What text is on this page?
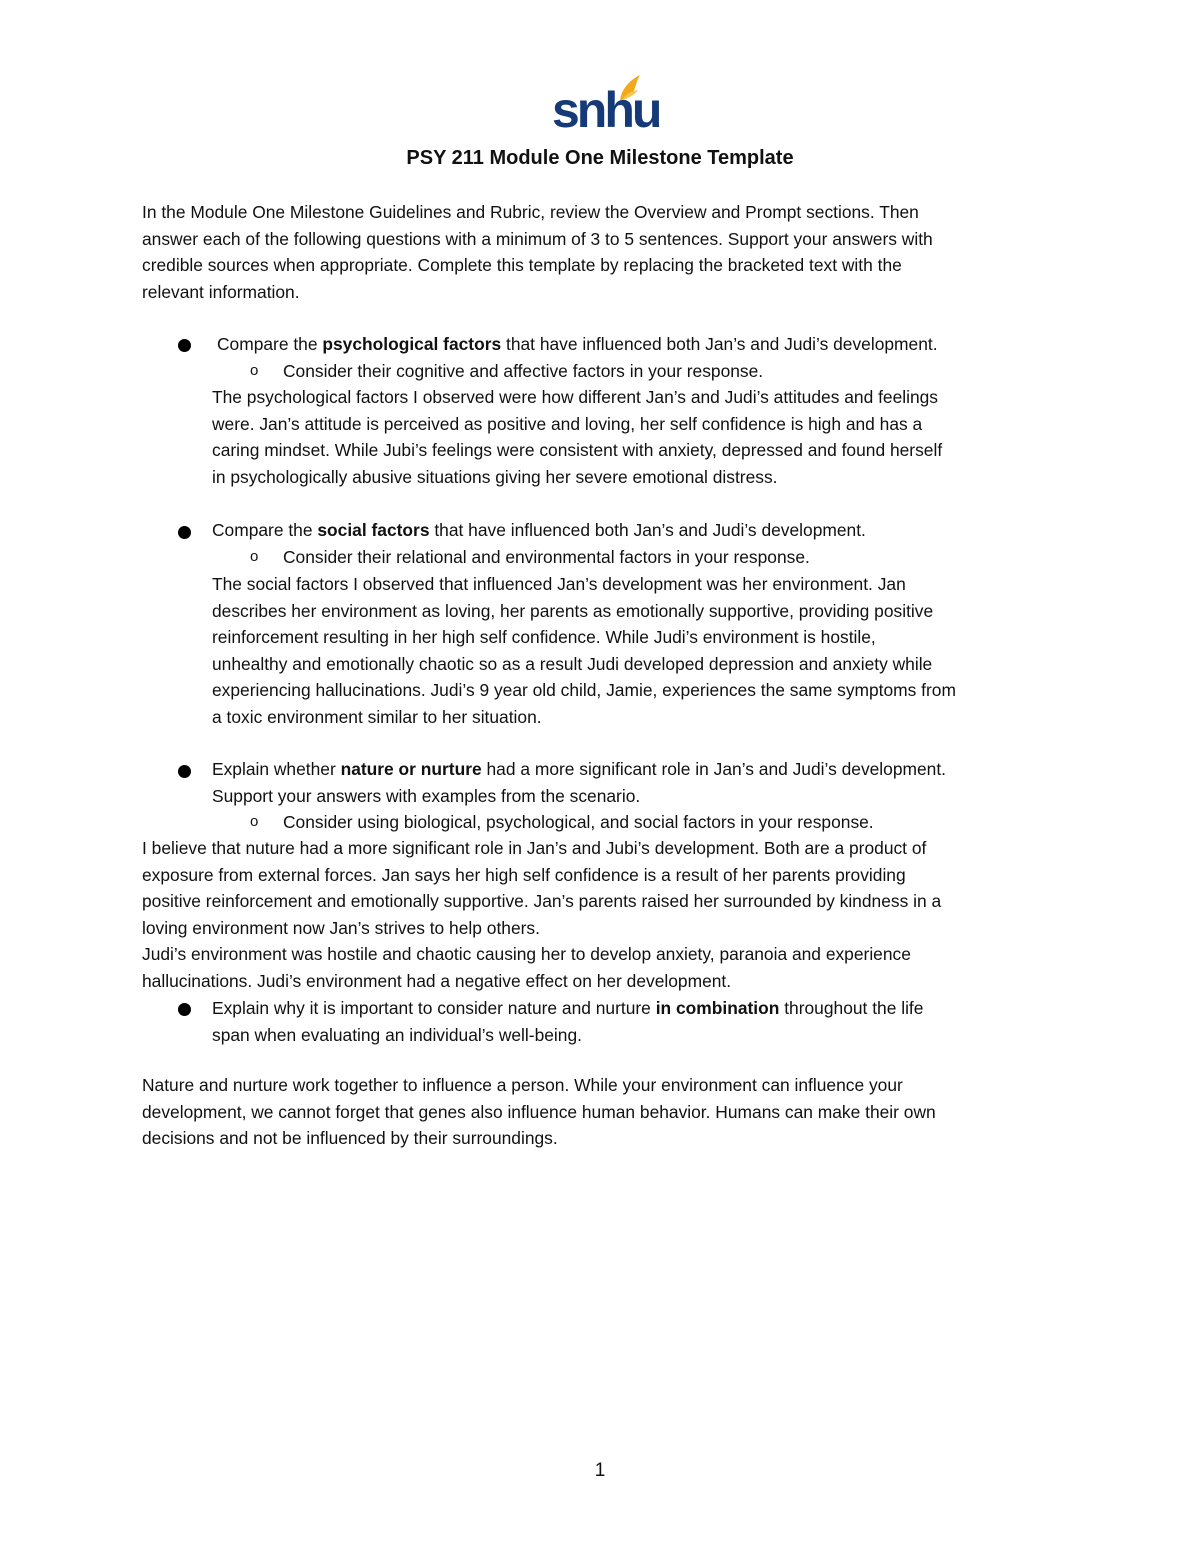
snhu
PSY 211 Module One Milestone Template
In the Module One Milestone Guidelines and Rubric, review the Overview and Prompt sections. Then
answer each of the following questions with a minimum of 3 to 5 sentences. Support your answers with
credible sources when appropriate. Complete this template by replacing the bracketed text with the
relevant information.
Compare the psychological factors that have influenced both Jan’s and Judi’s development.
o Consider their cognitive and affective factors in your response.
The psychological factors I observed were how different Jan’s and Judi’s attitudes and feelings
were. Jan’s attitude is perceived as positive and loving, her self confidence is high and has a
caring mindset. While Jubi’s feelings were consistent with anxiety, depressed and found herself
in psychologically abusive situations giving her severe emotional distress.
Compare the social factors that have influenced both Jan’s and Judi’s development.
o Consider their relational and environmental factors in your response.
The social factors I observed that influenced Jan’s development was her environment. Jan
describes her environment as loving, her parents as emotionally supportive, providing positive
reinforcement resulting in her high self confidence. While Judi’s environment is hostile,
unhealthy and emotionally chaotic so as a result Judi developed depression and anxiety while
experiencing hallucinations. Judi’s 9 year old child, Jamie, experiences the same symptoms from
a toxic environment similar to her situation.
Explain whether nature or nurture had a more significant role in Jan’s and Judi’s development.
Support your answers with examples from the scenario.
o Consider using biological, psychological, and social factors in your response.
I believe that nuture had a more significant role in Jan’s and Jubi’s development. Both are a product of
exposure from external forces. Jan says her high self confidence is a result of her parents providing
positive reinforcement and emotionally supportive. Jan’s parents raised her surrounded by kindness in a
loving environment now Jan’s strives to help others.
Judi’s environment was hostile and chaotic causing her to develop anxiety, paranoia and experience
hallucinations. Judi’s environment had a negative effect on her development.
Explain why it is important to consider nature and nurture in combination throughout the life
span when evaluating an individual’s well-being.
Nature and nurture work together to influence a person. While your environment can influence your
development, we cannot forget that genes also influence human behavior. Humans can make their own
decisions and not be influenced by their surroundings.
1
